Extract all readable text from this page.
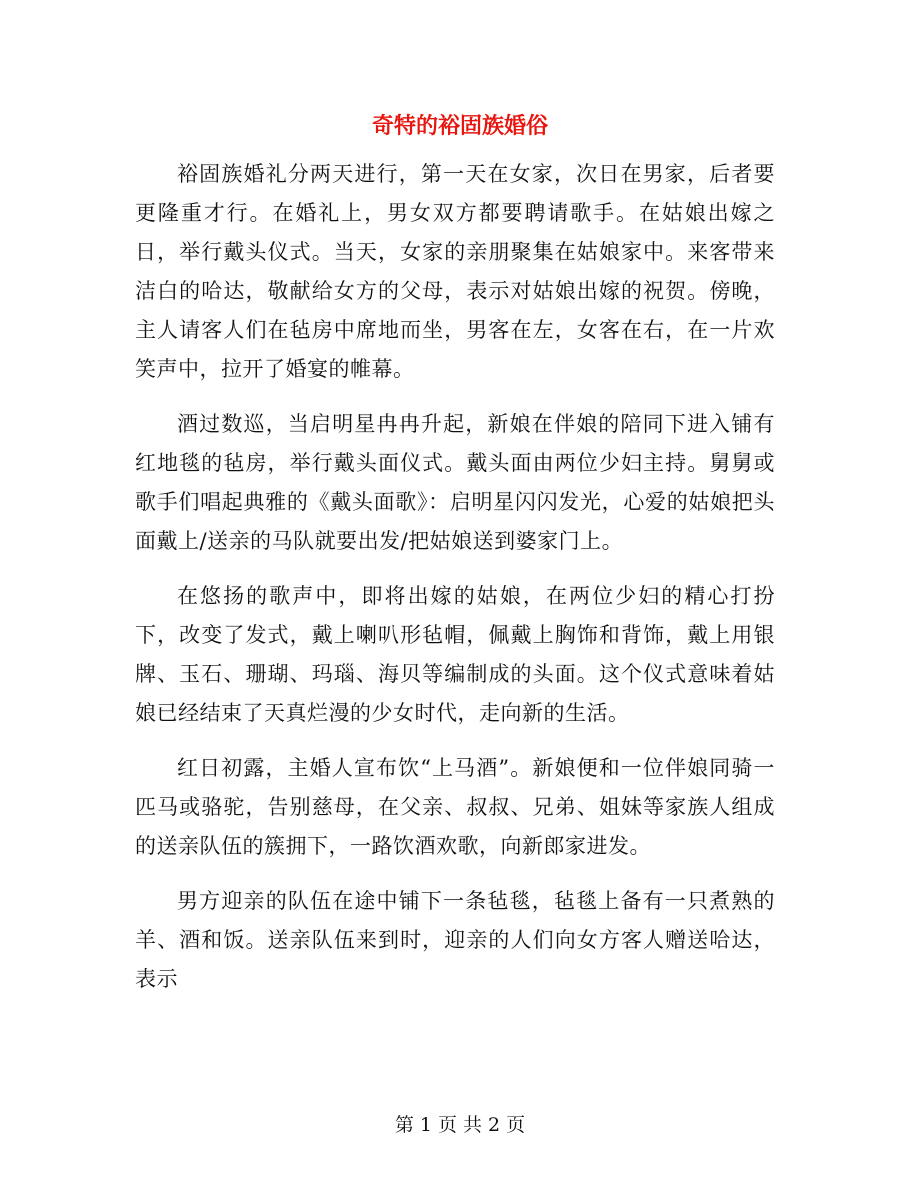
奇特的裕固族婚俗

裕固族婚礼分两天进行，第一天在女家，次日在男家，后者要更隆重才行。在婚礼上，男女双方都要聘请歌手。在姑娘出嫁之日，举行戴头仪式。当天，女家的亲朋聚集在姑娘家中。来客带来洁白的哈达，敬献给女方的父母，表示对姑娘出嫁的祝贺。傍晚，主人请客人们在毡房中席地而坐，男客在左，女客在右，在一片欢笑声中，拉开了婚宴的帷幕。

酒过数巡，当启明星冉冉升起，新娘在伴娘的陪同下进入铺有红地毯的毡房，举行戴头面仪式。戴头面由两位少妇主持。舅舅或歌手们唱起典雅的《戴头面歌》：启明星闪闪发光，心爱的姑娘把头面戴上/送亲的马队就要出发/把姑娘送到婆家门上。

在悠扬的歌声中，即将出嫁的姑娘，在两位少妇的精心打扮下，改变了发式，戴上喇叭形毡帽，佩戴上胸饰和背饰，戴上用银牌、玉石、珊瑚、玛瑙、海贝等编制成的头面。这个仪式意味着姑娘已经结束了天真烂漫的少女时代，走向新的生活。

红日初露，主婚人宣布饮“上马酒”。新娘便和一位伴娘同骑一匹马或骆驼，告别慈母，在父亲、叔叔、兄弟、姐妹等家族人组成的送亲队伍的簇拥下，一路饮酒欢歌，向新郎家进发。

男方迎亲的队伍在途中铺下一条毡毯，毡毯上备有一只煮熟的羊、酒和饭。送亲队伍来到时，迎亲的人们向女方客人赠送哈达，表示

第 1 页 共 2 页
